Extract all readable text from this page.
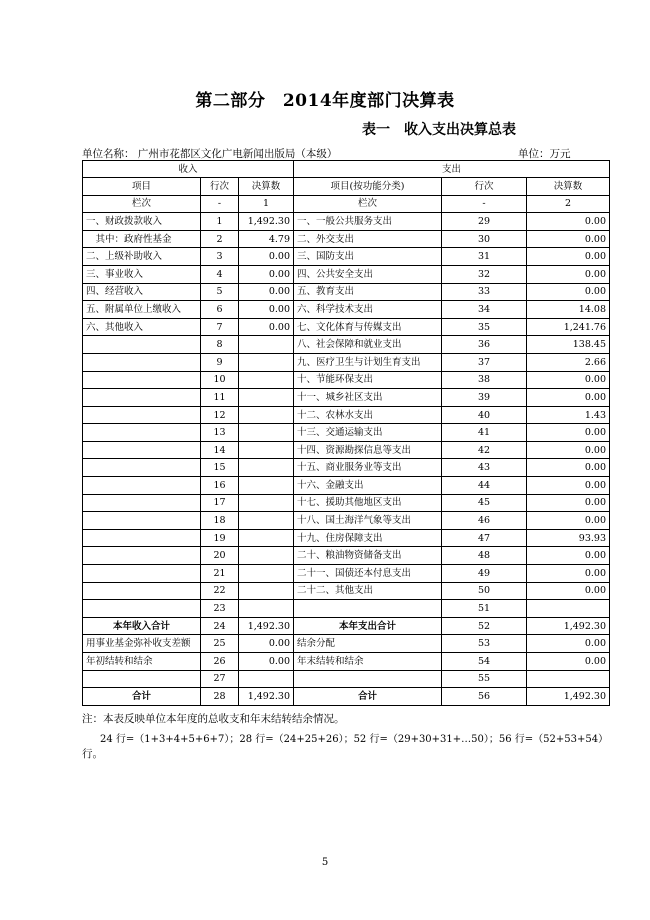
第二部分　2014年度部门决算表
表一　收入支出决算总表
单位名称： 广州市花都区文化广电新闻出版局（本级）	单位：万元
收入			支出		
项目	行次	决算数	项目(按功能分类)	行次	决算数
栏次	-	1	栏次	-	2
一、财政拨款收入	1	1,492.30	一、一般公共服务支出	29	0.00
　其中：政府性基金	2	4.79	二、外交支出	30	0.00
二、上级补助收入	3	0.00	三、国防支出	31	0.00
三、事业收入	4	0.00	四、公共安全支出	32	0.00
四、经营收入	5	0.00	五、教育支出	33	0.00
五、附属单位上缴收入	6	0.00	六、科学技术支出	34	14.08
六、其他收入	7	0.00	七、文化体育与传媒支出	35	1,241.76
	8		八、社会保障和就业支出	36	138.45
	9		九、医疗卫生与计划生育支出	37	2.66
	10		十、节能环保支出	38	0.00
	11		十一、城乡社区支出	39	0.00
	12		十二、农林水支出	40	1.43
	13		十三、交通运输支出	41	0.00
	14		十四、资源勘探信息等支出	42	0.00
	15		十五、商业服务业等支出	43	0.00
	16		十六、金融支出	44	0.00
	17		十七、援助其他地区支出	45	0.00
	18		十八、国土海洋气象等支出	46	0.00
	19		十九、住房保障支出	47	93.93
	20		二十、粮油物资储备支出	48	0.00
	21		二十一、国债还本付息支出	49	0.00
	22		二十二、其他支出	50	0.00
	23			51	
本年收入合计	24	1,492.30	本年支出合计	52	1,492.30
用事业基金弥补收支差额	25	0.00	结余分配	53	0.00
年初结转和结余	26	0.00	年末结转和结余	54	0.00
	27			55	
合计	28	1,492.30	合计	56	1,492.30
注：本表反映单位本年度的总收支和年末结转结余情况。
24 行=（1+3+4+5+6+7）；28 行=（24+25+26）；52 行=（29+30+31+…50）；56 行=（52+53+54）
行。
5
